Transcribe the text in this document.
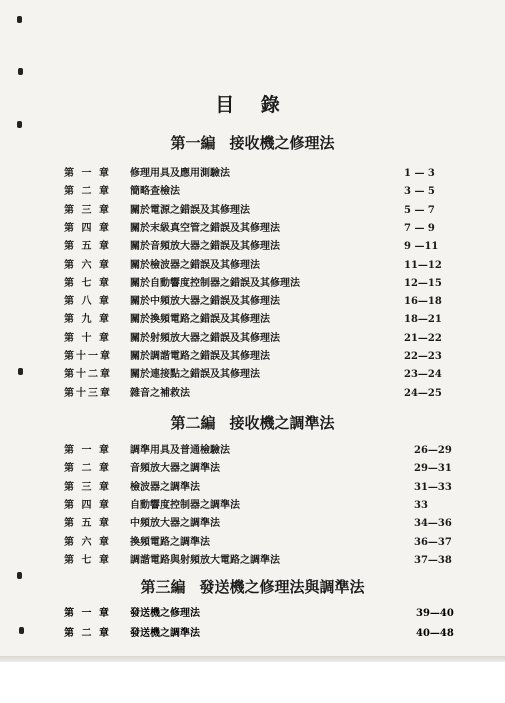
目 錄
第一編 接收機之修理法
第 一 章 修理用具及應用測驗法	1 — 3
第 二 章 簡略查檢法	3 — 5
第 三 章 關於電源之錯誤及其修理法	5 — 7
第 四 章 關於末級真空管之錯誤及其修理法	7 — 9
第 五 章 關於音頻放大器之錯誤及其修理法	9 —11
第 六 章 關於檢波器之錯誤及其修理法	11—12
第 七 章 關於自動響度控制器之錯誤及其修理法	12—15
第 八 章 關於中頻放大器之錯誤及其修理法	16—18
第 九 章 關於換頻電路之錯誤及其修理法	18—21
第 十 章 關於射頻放大器之錯誤及其修理法	21—22
第十一章 關於調諧電路之錯誤及其修理法	22—23
第十二章 關於連接點之錯誤及其修理法	23—24
第十三章 雜音之補救法	24—25
第二編 接收機之調準法
第 一 章 調準用具及普通檢驗法	26—29
第 二 章 音頻放大器之調準法	29—31
第 三 章 檢波器之調準法	31—33
第 四 章 自動響度控制器之調準法	33
第 五 章 中頻放大器之調準法	34—36
第 六 章 換頻電路之調準法	36—37
第 七 章 調諧電路與射頻放大電路之調準法	37—38
第三編 發送機之修理法與調準法
第 一 章 發送機之修理法	39—40
第 二 章 發送機之調準法	40—48
